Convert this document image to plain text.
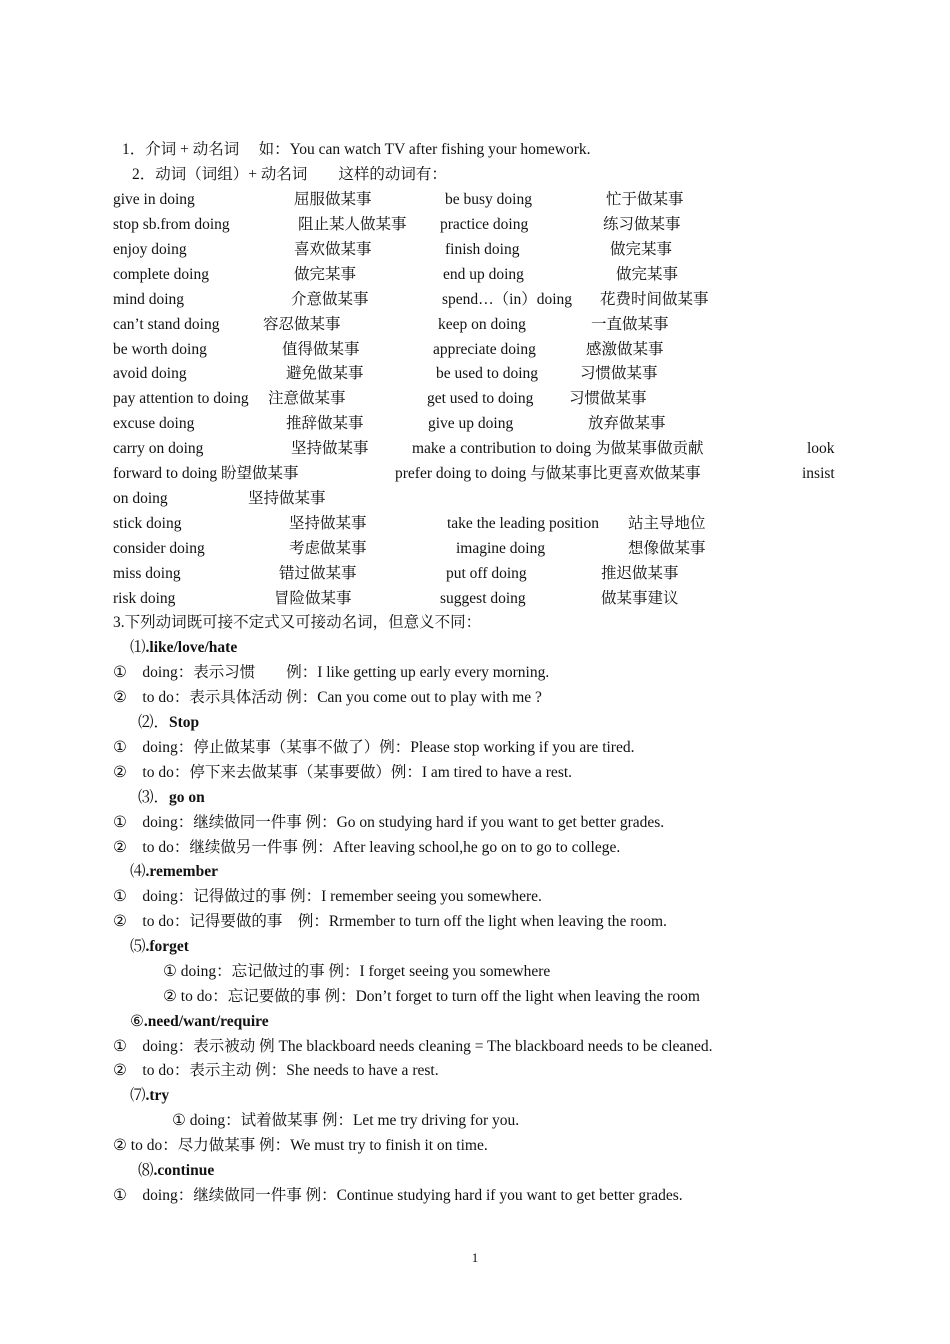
1．介词 + 动名词　 如：You can watch TV after fishing your homework.
2．动词（词组）+ 动名词　　这样的动词有：
give in doing	屈服做某事	be busy doing	忙于做某事
stop sb.from doing	阻止某人做某事 practice doing	练习做某事
enjoy doing	喜欢做某事	finish doing	做完某事
complete doing	做完某事	end up doing	做完某事
mind doing	介意做某事	spend…（in）doing 花费时间做某事
can’t stand doing	容忍做某事	keep on doing	一直做某事
be worth doing	值得做某事	appreciate doing	感激做某事
avoid doing	避免做某事	be used to doing	习惯做某事
pay attention to doing 注意做某事	get used to doing 习惯做某事
excuse doing	推辞做某事	give up doing	放弃做某事
carry on doing	坚持做某事	make a contribution to doing 为做某事做贡献	look
forward to doing 盼望做某事	prefer doing to doing 与做某事比更喜欢做某事	insist
on doing	坚持做某事
stick doing	坚持做某事	take the leading position 站主导地位
consider doing	考虑做某事	imagine doing	想像做某事
miss doing	错过做某事	put off doing	推迟做某事
risk doing	冒险做某事	suggest doing	做某事建议
3.下列动词既可接不定式又可接动名词，但意义不同：
⑴.like/love/hate
①　doing：表示习惯　　例：I like getting up early every morning.
②　to do：表示具体活动 例：Can you come out to play with me ?
⑵．Stop
①　doing：停止做某事（某事不做了）例：Please stop working if you are tired.
②　to do：停下来去做某事（某事要做）例：I am tired to have a rest.
⑶．go on
①　doing：继续做同一件事 例：Go on studying hard if you want to get better grades.
②　to do：继续做另一件事 例：After leaving school,he go on to go to college.
⑷.remember
①　doing：记得做过的事 例：I remember seeing you somewhere.
②　to do：记得要做的事　例：Rrmember to turn off the light when leaving the room.
⑸.forget
① doing：忘记做过的事 例：I forget seeing you somewhere
② to do：忘记要做的事 例：Don’t forget to turn off the light when leaving the room
⑥.need/want/require
①　doing：表示被动 例 The blackboard needs cleaning = The blackboard needs to be cleaned.
②　to do：表示主动 例：She needs to have a rest.
⑺.try
① doing：试着做某事 例：Let me try driving for you.
② to do：尽力做某事 例：We must try to finish it on time.
⑻.continue
①　doing：继续做同一件事 例：Continue studying hard if you want to get better grades.
1
